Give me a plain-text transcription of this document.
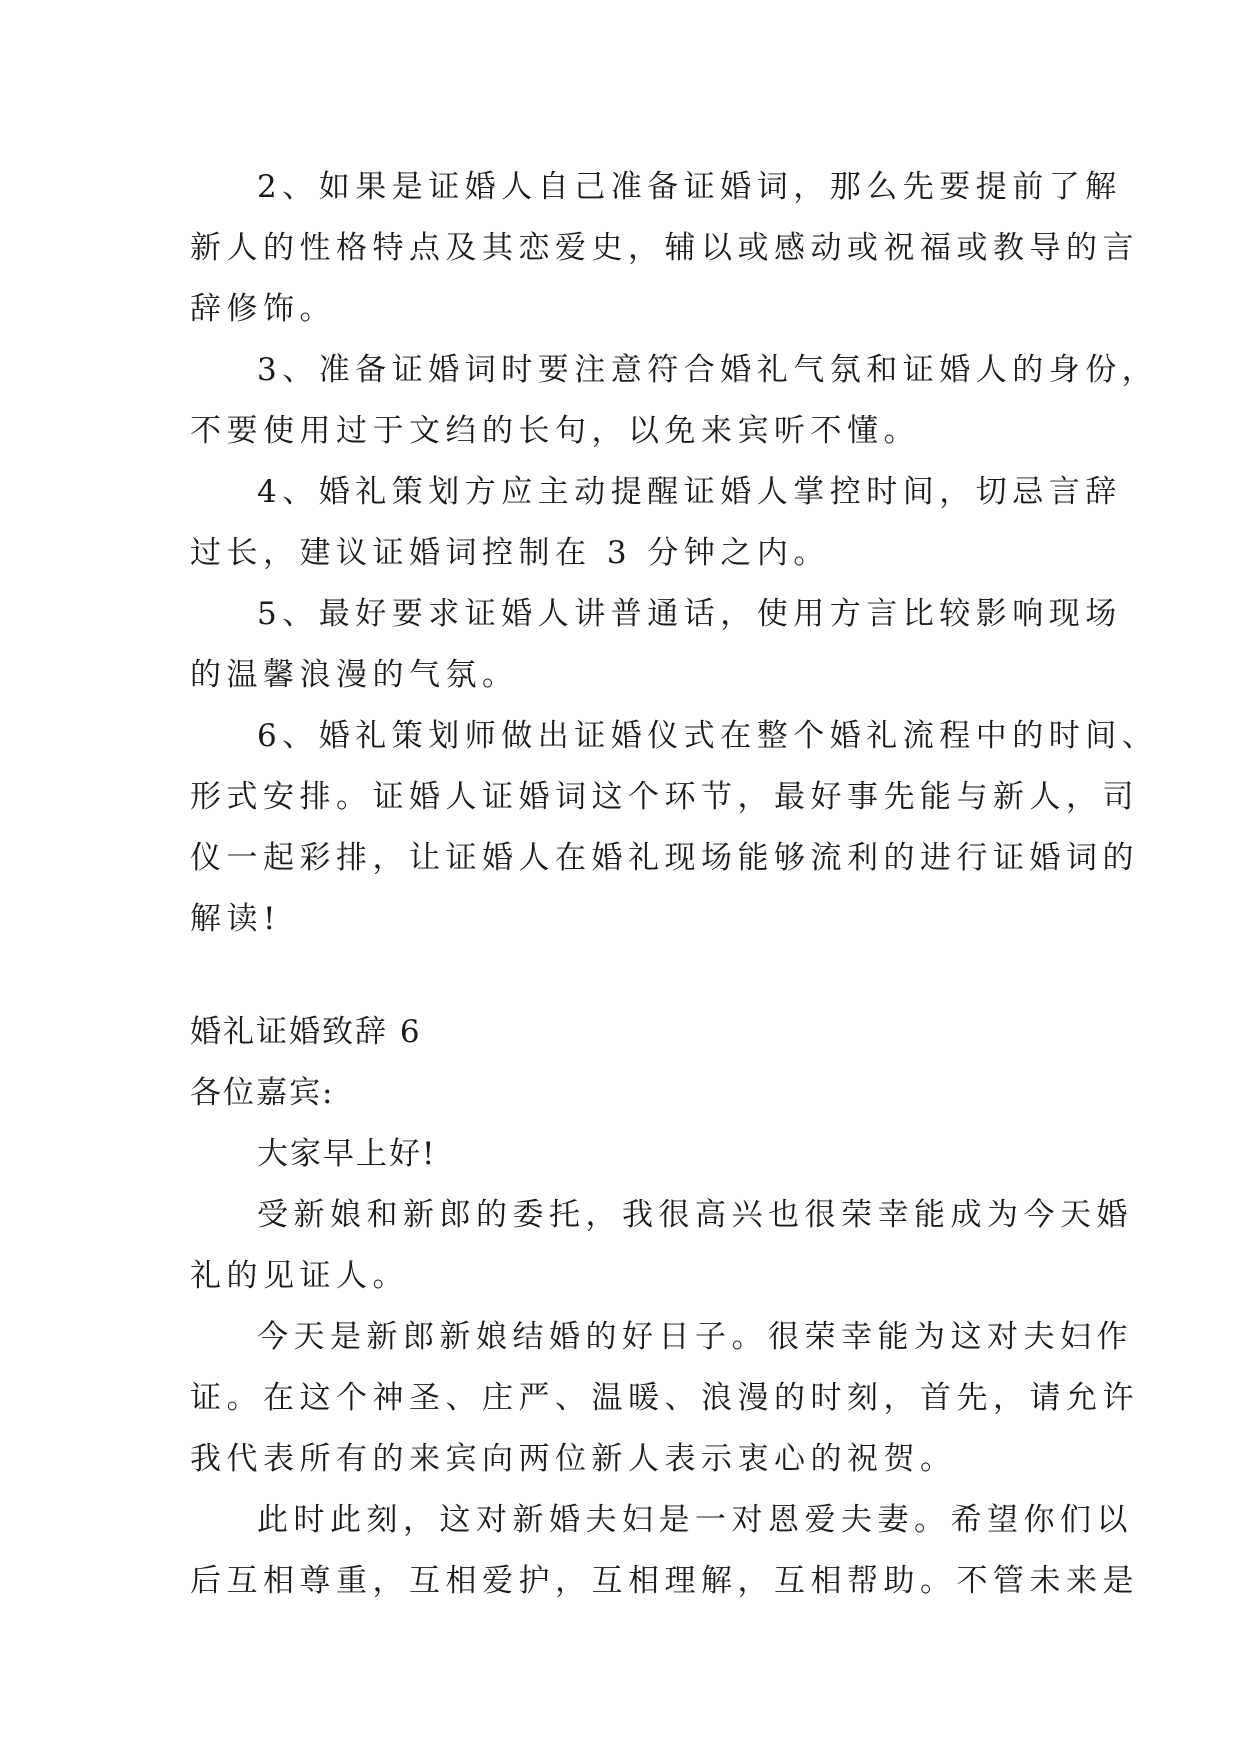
2、如果是证婚人自己准备证婚词，那么先要提前了解
新人的性格特点及其恋爱史，辅以或感动或祝福或教导的言
辞修饰。
3、准备证婚词时要注意符合婚礼气氛和证婚人的身份，
不要使用过于文绉的长句，以免来宾听不懂。
4、婚礼策划方应主动提醒证婚人掌控时间，切忌言辞
过长，建议证婚词控制在 3 分钟之内。
5、最好要求证婚人讲普通话，使用方言比较影响现场
的温馨浪漫的气氛。
6、婚礼策划师做出证婚仪式在整个婚礼流程中的时间、
形式安排。证婚人证婚词这个环节，最好事先能与新人，司
仪一起彩排，让证婚人在婚礼现场能够流利的进行证婚词的
解读!
婚礼证婚致辞 6
各位嘉宾:
大家早上好!
受新娘和新郎的委托，我很高兴也很荣幸能成为今天婚
礼的见证人。
今天是新郎新娘结婚的好日子。很荣幸能为这对夫妇作
证。在这个神圣、庄严、温暖、浪漫的时刻，首先，请允许
我代表所有的来宾向两位新人表示衷心的祝贺。
此时此刻，这对新婚夫妇是一对恩爱夫妻。希望你们以
后互相尊重，互相爱护，互相理解，互相帮助。不管未来是
